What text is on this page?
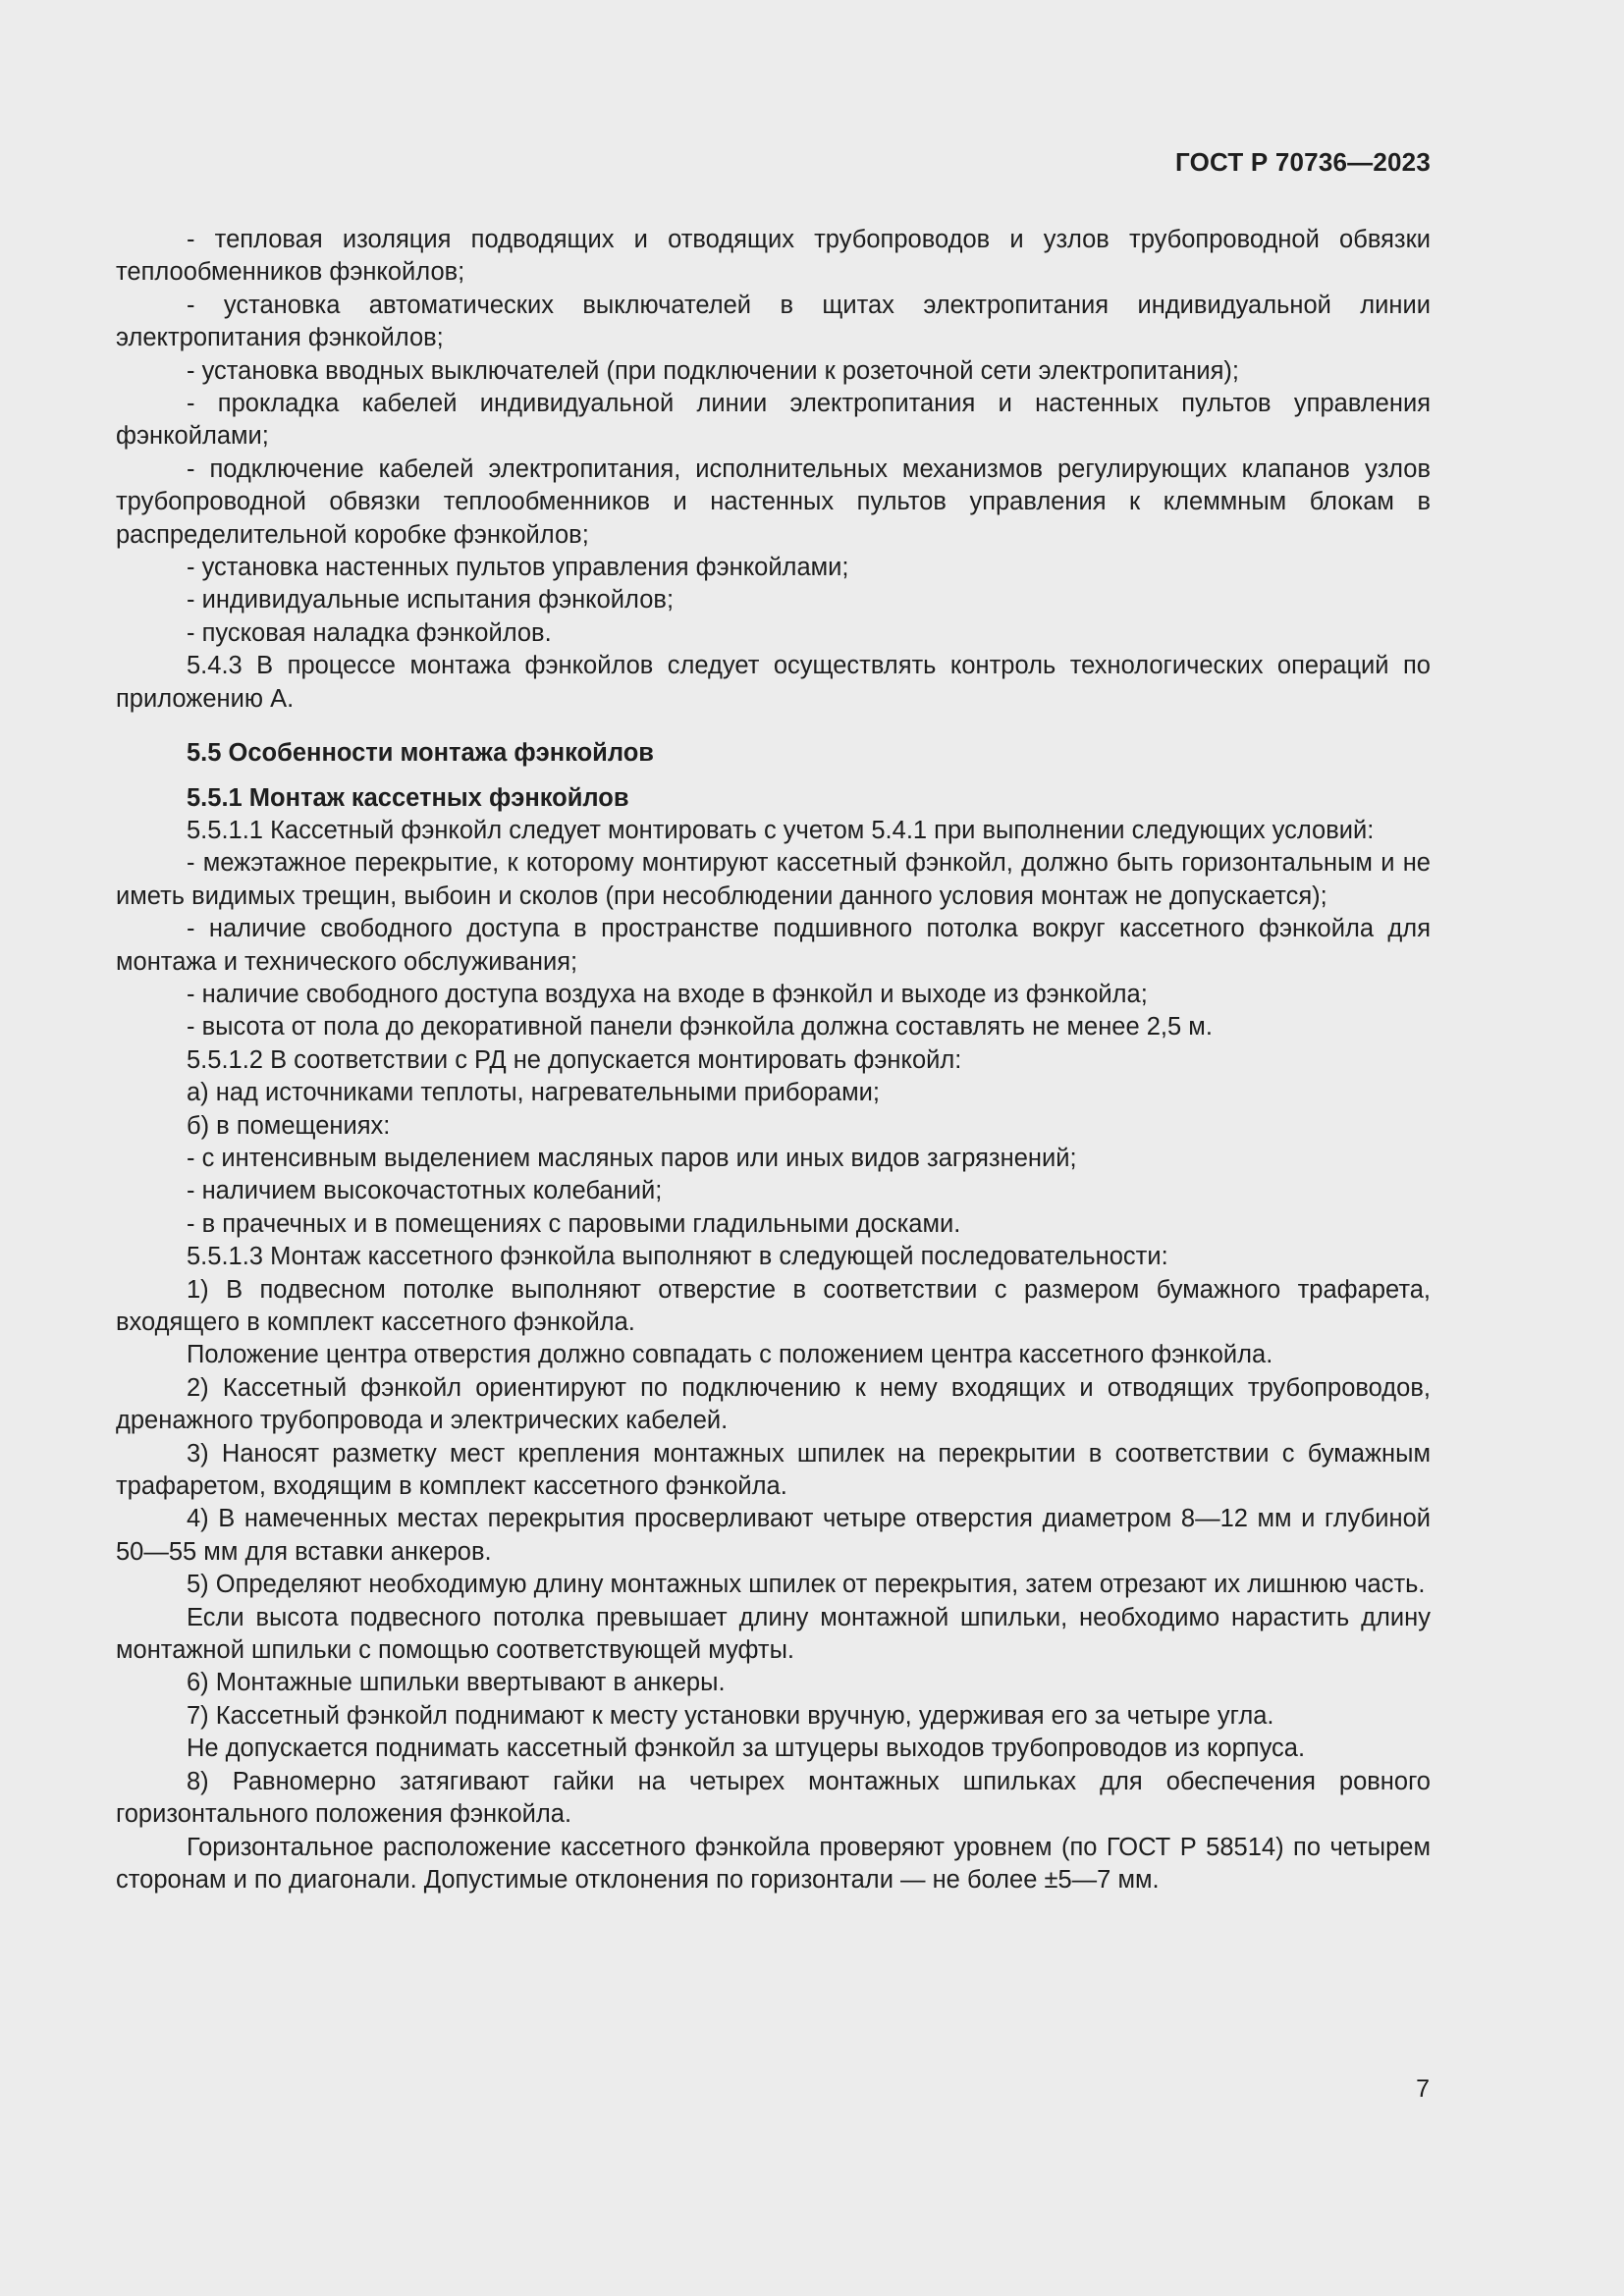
ГОСТ Р 70736—2023

- тепловая изоляция подводящих и отводящих трубопроводов и узлов трубопроводной обвязки теплообменников фэнкойлов;

- установка автоматических выключателей в щитах электропитания индивидуальной линии электропитания фэнкойлов;

- установка вводных выключателей (при подключении к розеточной сети электропитания);

- прокладка кабелей индивидуальной линии электропитания и настенных пультов управления фэнкойлами;

- подключение кабелей электропитания, исполнительных механизмов регулирующих клапанов узлов трубопроводной обвязки теплообменников и настенных пультов управления к клеммным блокам в распределительной коробке фэнкойлов;

- установка настенных пультов управления фэнкойлами;

- индивидуальные испытания фэнкойлов;

- пусковая наладка фэнкойлов.

5.4.3 В процессе монтажа фэнкойлов следует осуществлять контроль технологических операций по приложению А.

5.5 Особенности монтажа фэнкойлов
5.5.1 Монтаж кассетных фэнкойлов

5.5.1.1 Кассетный фэнкойл следует монтировать с учетом 5.4.1 при выполнении следующих условий:

- межэтажное перекрытие, к которому монтируют кассетный фэнкойл, должно быть горизонтальным и не иметь видимых трещин, выбоин и сколов (при несоблюдении данного условия монтаж не допускается);

- наличие свободного доступа в пространстве подшивного потолка вокруг кассетного фэнкойла для монтажа и технического обслуживания;

- наличие свободного доступа воздуха на входе в фэнкойл и выходе из фэнкойла;

- высота от пола до декоративной панели фэнкойла должна составлять не менее 2,5 м.

5.5.1.2 В соответствии с РД не допускается монтировать фэнкойл:

а) над источниками теплоты, нагревательными приборами;

б) в помещениях:

- с интенсивным выделением масляных паров или иных видов загрязнений;

- наличием высокочастотных колебаний;

- в прачечных и в помещениях с паровыми гладильными досками.

5.5.1.3 Монтаж кассетного фэнкойла выполняют в следующей последовательности:

1) В подвесном потолке выполняют отверстие в соответствии с размером бумажного трафарета, входящего в комплект кассетного фэнкойла.

Положение центра отверстия должно совпадать с положением центра кассетного фэнкойла.

2) Кассетный фэнкойл ориентируют по подключению к нему входящих и отводящих трубопроводов, дренажного трубопровода и электрических кабелей.

3) Наносят разметку мест крепления монтажных шпилек на перекрытии в соответствии с бумажным трафаретом, входящим в комплект кассетного фэнкойла.

4) В намеченных местах перекрытия просверливают четыре отверстия диаметром 8—12 мм и глубиной 50—55 мм для вставки анкеров.

5) Определяют необходимую длину монтажных шпилек от перекрытия, затем отрезают их лишнюю часть.

Если высота подвесного потолка превышает длину монтажной шпильки, необходимо нарастить длину монтажной шпильки с помощью соответствующей муфты.

6) Монтажные шпильки ввертывают в анкеры.

7) Кассетный фэнкойл поднимают к месту установки вручную, удерживая его за четыре угла.

Не допускается поднимать кассетный фэнкойл за штуцеры выходов трубопроводов из корпуса.

8) Равномерно затягивают гайки на четырех монтажных шпильках для обеспечения ровного горизонтального положения фэнкойла.

Горизонтальное расположение кассетного фэнкойла проверяют уровнем (по ГОСТ Р 58514) по четырем сторонам и по диагонали. Допустимые отклонения по горизонтали — не более ±5—7 мм.

7
